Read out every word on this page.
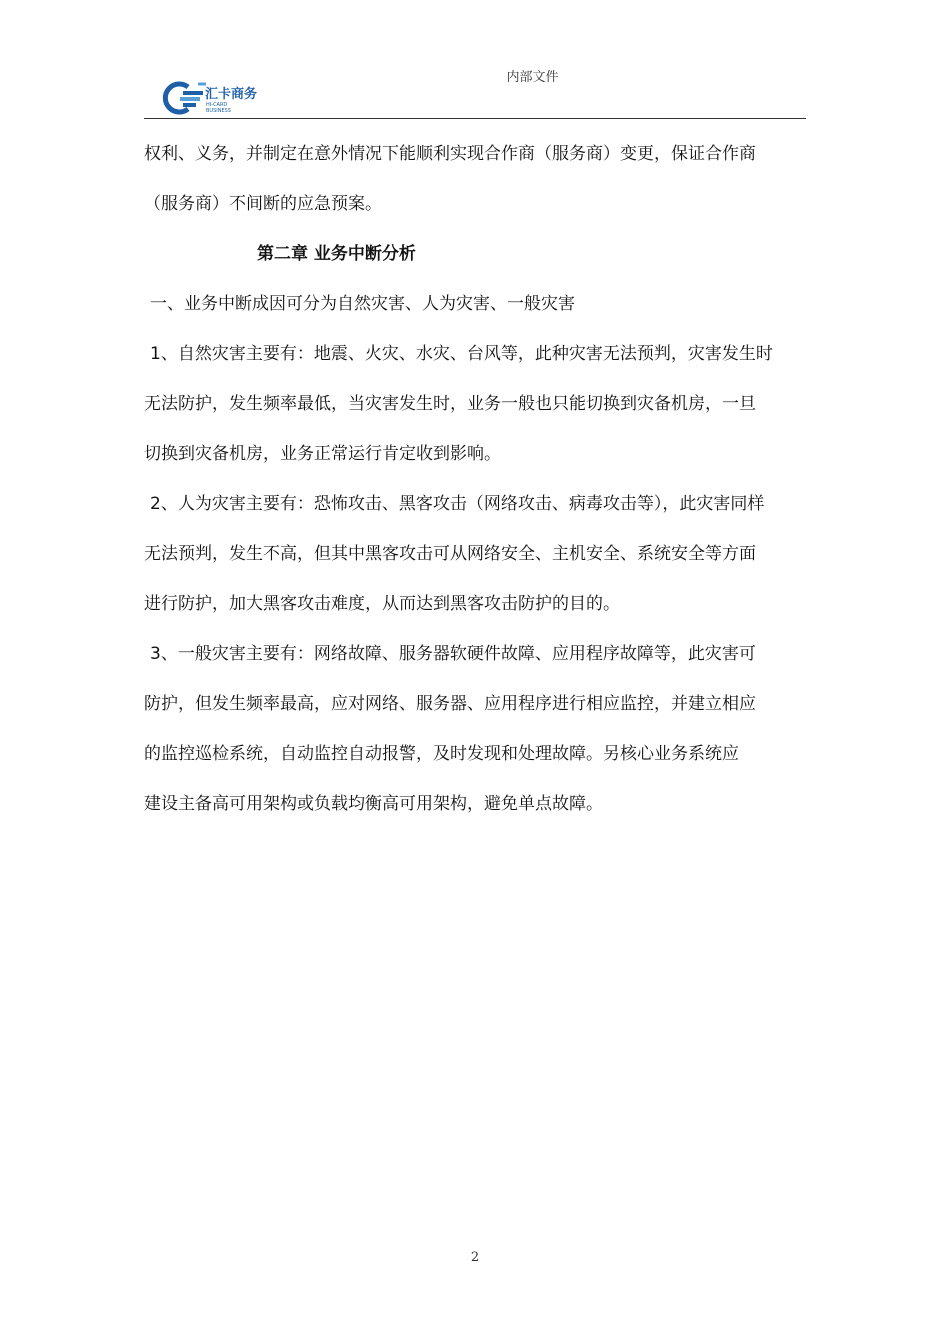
汇卡商务
HI-CARD
BUSINESS
内部文件
权利、义务，并制定在意外情况下能顺利实现合作商（服务商）变更，保证合作商
（服务商）不间断的应急预案。
第二章 业务中断分析
一、业务中断成因可分为自然灾害、人为灾害、一般灾害
1、自然灾害主要有：地震、火灾、水灾、台风等，此种灾害无法预判，灾害发生时
无法防护，发生频率最低，当灾害发生时，业务一般也只能切换到灾备机房，一旦
切换到灾备机房，业务正常运行肯定收到影响。
2、人为灾害主要有：恐怖攻击、黑客攻击（网络攻击、病毒攻击等），此灾害同样
无法预判，发生不高，但其中黑客攻击可从网络安全、主机安全、系统安全等方面
进行防护，加大黑客攻击难度，从而达到黑客攻击防护的目的。
3、一般灾害主要有：网络故障、服务器软硬件故障、应用程序故障等，此灾害可
防护，但发生频率最高，应对网络、服务器、应用程序进行相应监控，并建立相应
的监控巡检系统，自动监控自动报警，及时发现和处理故障。另核心业务系统应
建设主备高可用架构或负载均衡高可用架构，避免单点故障。
2
